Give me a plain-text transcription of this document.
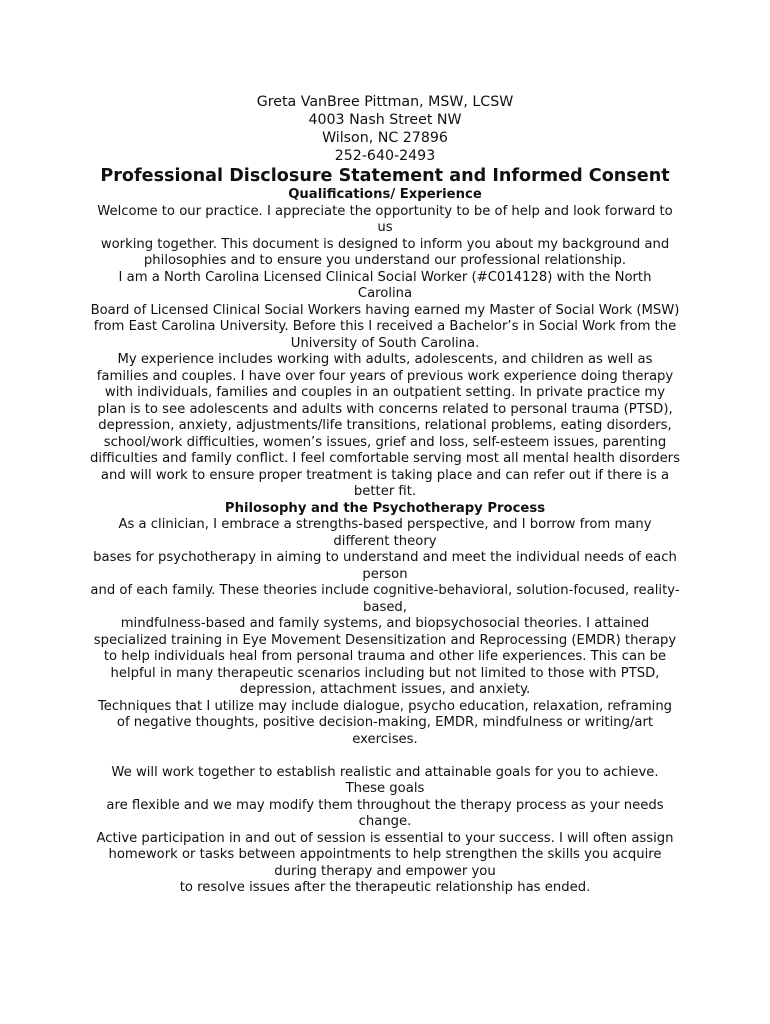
Greta VanBree Pittman, MSW, LCSW
4003 Nash Street NW
Wilson, NC 27896
252-640-2493
Professional Disclosure Statement and Informed Consent
Qualifications/ Experience

Welcome to our practice. I appreciate the opportunity to be of help and look forward to us

working together. This document is designed to inform you about my background and philosophies and to ensure you understand our professional relationship.

I am a North Carolina Licensed Clinical Social Worker (#C014128) with the North Carolina

Board of Licensed Clinical Social Workers having earned my Master of Social Work (MSW) from East Carolina University. Before this I received a Bachelor’s in Social Work from the University of South Carolina.

My experience includes working with adults, adolescents, and children as well as families and couples. I have over four years of previous work experience doing therapy with individuals, families and couples in an outpatient setting. In private practice my plan is to see adolescents and adults with concerns related to personal trauma (PTSD), depression, anxiety, adjustments/life transitions, relational problems, eating disorders, school/work difficulties, women’s issues, grief and loss, self-esteem issues, parenting difficulties and family conflict. I feel comfortable serving most all mental health disorders and will work to ensure proper treatment is taking place and can refer out if there is a better fit.

Philosophy and the Psychotherapy Process

As a clinician, I embrace a strengths-based perspective, and I borrow from many different theory

bases for psychotherapy in aiming to understand and meet the individual needs of each person

and of each family. These theories include cognitive-behavioral, solution-focused, reality-based,

mindfulness-based and family systems, and biopsychosocial theories. I attained specialized training in Eye Movement Desensitization and Reprocessing (EMDR) therapy to help individuals heal from personal trauma and other life experiences. This can be helpful in many therapeutic scenarios including but not limited to those with PTSD, depression, attachment issues, and anxiety.

Techniques that I utilize may include dialogue, psycho education, relaxation, reframing of negative thoughts, positive decision-making, EMDR, mindfulness or writing/art exercises.

We will work together to establish realistic and attainable goals for you to achieve. These goals

are flexible and we may modify them throughout the therapy process as your needs change.

Active participation in and out of session is essential to your success. I will often assign homework or tasks between appointments to help strengthen the skills you acquire during therapy and empower you

to resolve issues after the therapeutic relationship has ended.
